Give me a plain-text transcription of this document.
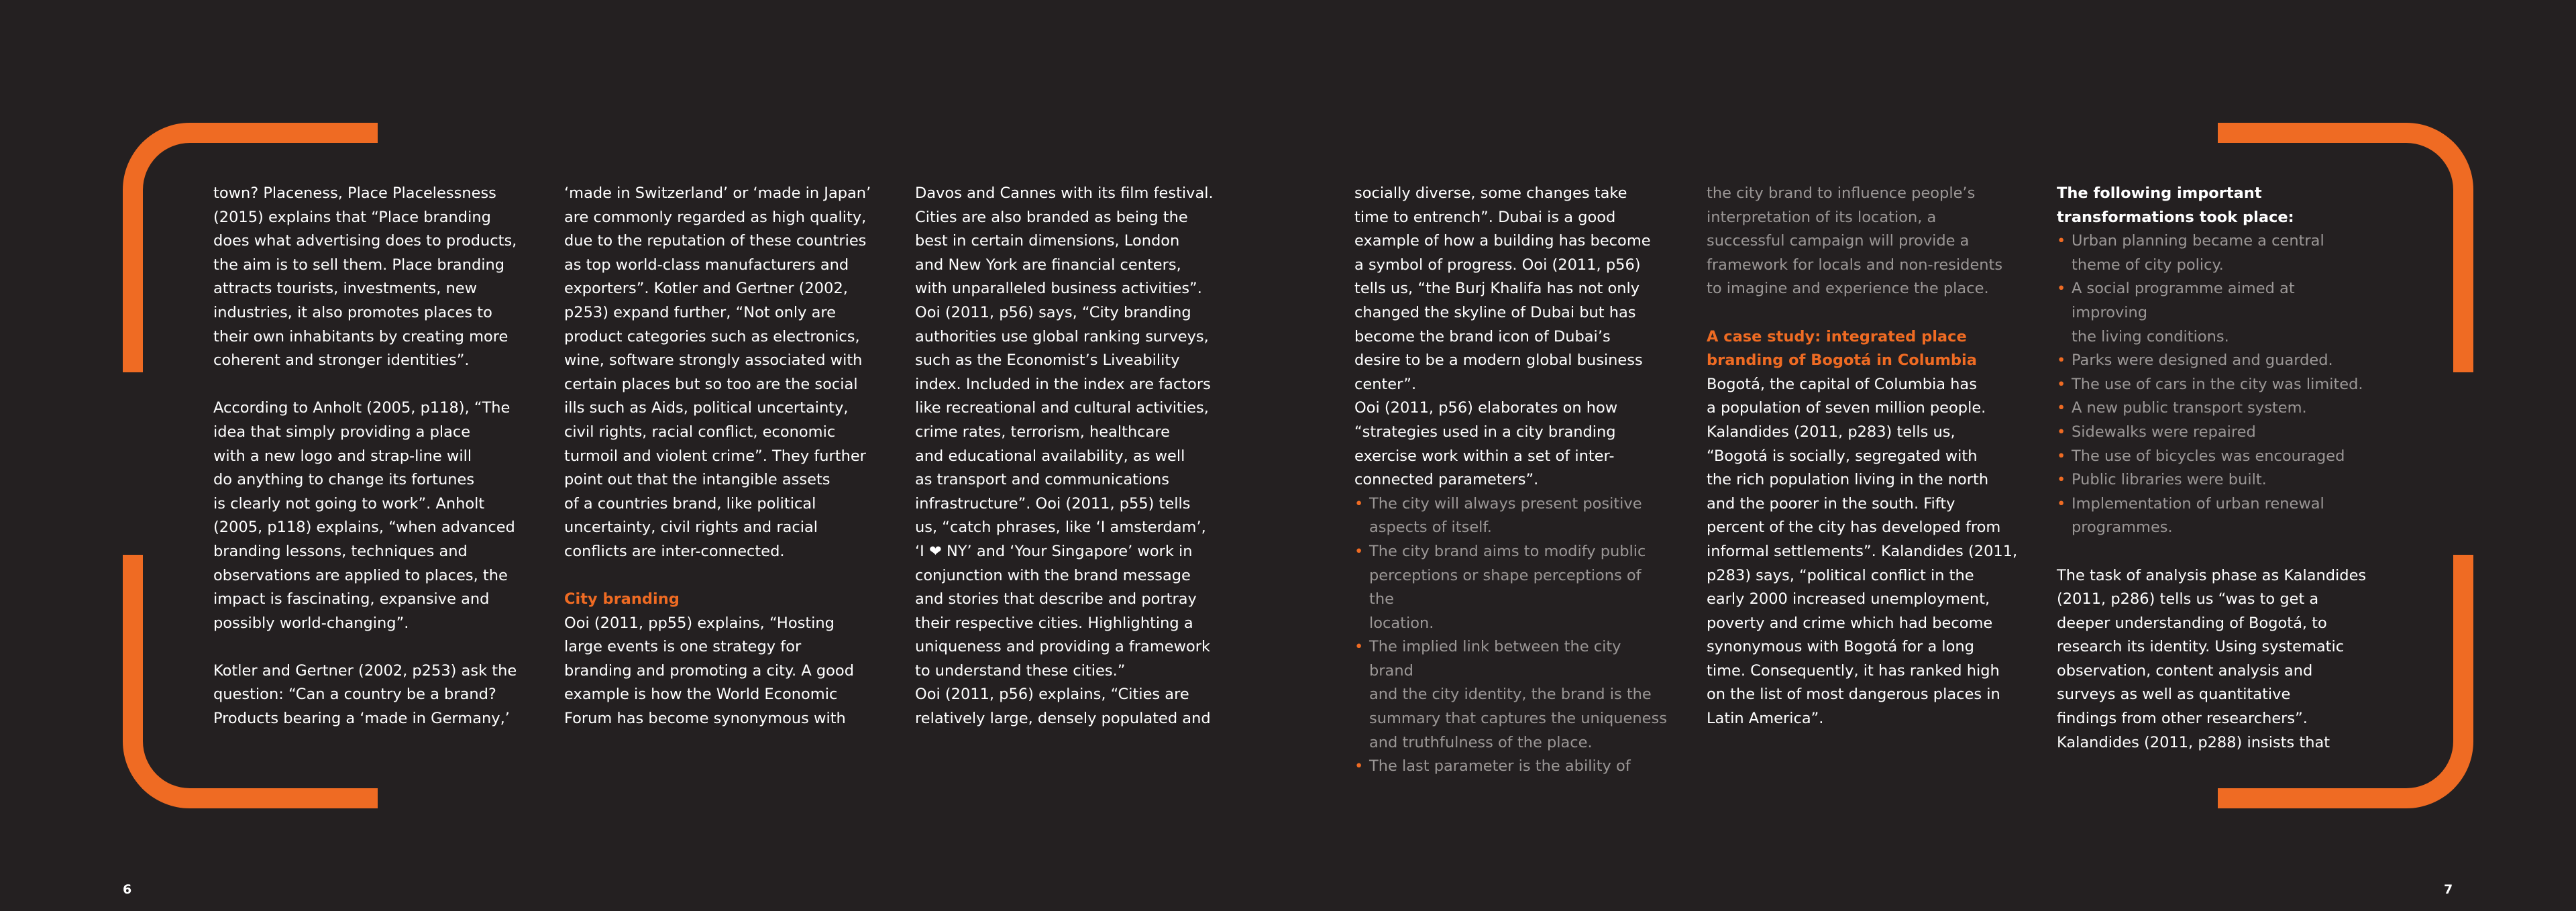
town? Placeness, Place Placelessness
(2015) explains that “Place branding
does what advertising does to products,
the aim is to sell them. Place branding
attracts tourists, investments, new
industries, it also promotes places to
their own inhabitants by creating more
coherent and stronger identities”.

According to Anholt (2005, p118), “The
idea that simply providing a place
with a new logo and strap-line will
do anything to change its fortunes
is clearly not going to work”. Anholt
(2005, p118) explains, “when advanced
branding lessons, techniques and
observations are applied to places, the
impact is fascinating, expansive and
possibly world-changing”.

Kotler and Gertner (2002, p253) ask the
question: “Can a country be a brand?
Products bearing a ‘made in Germany,’

‘made in Switzerland’ or ‘made in Japan’
are commonly regarded as high quality,
due to the reputation of these countries
as top world-class manufacturers and
exporters”. Kotler and Gertner (2002,
p253) expand further, “Not only are
product categories such as electronics,
wine, software strongly associated with
certain places but so too are the social
ills such as Aids, political uncertainty,
civil rights, racial conflict, economic
turmoil and violent crime”. They further
point out that the intangible assets
of a countries brand, like political
uncertainty, civil rights and racial
conflicts are inter-connected.

City branding

Ooi (2011, pp55) explains, “Hosting
large events is one strategy for
branding and promoting a city. A good
example is how the World Economic
Forum has become synonymous with

Davos and Cannes with its film festival.
Cities are also branded as being the
best in certain dimensions, London
and New York are financial centers,
with unparalleled business activities”.
Ooi (2011, p56) says, “City branding
authorities use global ranking surveys,
such as the Economist’s Liveability
index. Included in the index are factors
like recreational and cultural activities,
crime rates, terrorism, healthcare
and educational availability, as well
as transport and communications
infrastructure”. Ooi (2011, p55) tells
us, “catch phrases, like ‘I amsterdam’,
‘I ❤ NY’ and ‘Your Singapore’ work in
conjunction with the brand message
and stories that describe and portray
their respective cities. Highlighting a
uniqueness and providing a framework
to understand these cities.”
Ooi (2011, p56) explains, “Cities are
relatively large, densely populated and

socially diverse, some changes take
time to entrench”. Dubai is a good
example of how a building has become
a symbol of progress. Ooi (2011, p56)
tells us, “the Burj Khalifa has not only
changed the skyline of Dubai but has
become the brand icon of Dubai’s
desire to be a modern global business
center”.
Ooi (2011, p56) elaborates on how
“strategies used in a city branding
exercise work within a set of inter-
connected parameters”.

• The city will always present positive
aspects of itself.
• The city brand aims to modify public
perceptions or shape perceptions of the
location.
• The implied link between the city brand
and the city identity, the brand is the
summary that captures the uniqueness
and truthfulness of the place.
• The last parameter is the ability of

the city brand to influence people’s
interpretation of its location, a
successful campaign will provide a
framework for locals and non-residents
to imagine and experience the place.

A case study: integrated place
branding of Bogotá in Columbia

Bogotá, the capital of Columbia has
a population of seven million people.
Kalandides (2011, p283) tells us,
“Bogotá is socially, segregated with
the rich population living in the north
and the poorer in the south. Fifty
percent of the city has developed from
informal settlements”. Kalandides (2011,
p283) says, “political conflict in the
early 2000 increased unemployment,
poverty and crime which had become
synonymous with Bogotá for a long
time. Consequently, it has ranked high
on the list of most dangerous places in
Latin America”.

The following important
transformations took place:

• Urban planning became a central
theme of city policy.
• A social programme aimed at improving
the living conditions.
• Parks were designed and guarded.
• The use of cars in the city was limited.
• A new public transport system.
• Sidewalks were repaired
• The use of bicycles was encouraged
• Public libraries were built.
• Implementation of urban renewal
programmes.

The task of analysis phase as Kalandides
(2011, p286) tells us “was to get a
deeper understanding of Bogotá, to
research its identity. Using systematic
observation, content analysis and
surveys as well as quantitative
findings from other researchers”.
Kalandides (2011, p288) insists that

6	7
